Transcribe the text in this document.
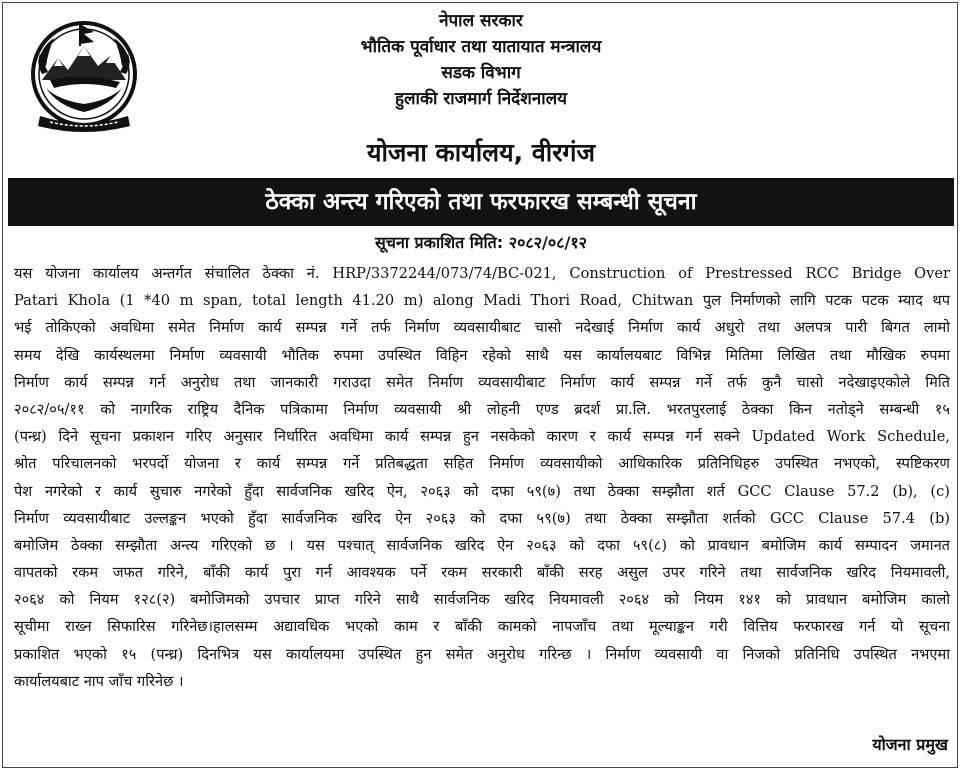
नेपाल सरकार
भौतिक पूर्वाधार तथा यातायात मन्त्रालय
सडक विभाग
हुलाकी राजमार्ग निर्देशनालय
योजना कार्यालय, वीरगंज
ठेक्का अन्त्य गरिएको तथा फरफारख सम्बन्धी सूचना
सूचना प्रकाशित मिति: २०८२/०८/१२
यस योजना कार्यालय अन्तर्गत संचालित ठेक्का नं. HRP/3372244/073/74/BC-021, Construction of Prestressed RCC Bridge Over
Patari Khola (1 *40 m span, total length 41.20 m) along Madi Thori Road, Chitwan पुल निर्माणको लागि पटक पटक म्याद थप
भई तोकिएको अवधिमा समेत निर्माण कार्य सम्पन्न गर्ने तर्फ निर्माण व्यवसायीबाट चासो नदेखाई निर्माण कार्य अधुरो तथा अलपत्र पारी बिगत लामो
समय देखि कार्यस्थलमा निर्माण व्यवसायी भौतिक रुपमा उपस्थित विहिन रहेको साथै यस कार्यालयबाट विभिन्न मितिमा लिखित तथा मौखिक रुपमा
निर्माण कार्य सम्पन्न गर्न अनुरोध तथा जानकारी गराउदा समेत निर्माण व्यवसायीबाट निर्माण कार्य सम्पन्न गर्ने तर्फ कुनै चासो नदेखाइएकोले मिति
२०८२/०५/११ को नागरिक राष्ट्रिय दैनिक पत्रिकामा निर्माण व्यवसायी श्री लोहनी एण्ड ब्रदर्श प्रा.लि. भरतपुरलाई ठेक्का किन नतोड्ने सम्बन्धी १५
(पन्ध्र) दिने सूचना प्रकाशन गरिए अनुसार निर्धारित अवधिमा कार्य सम्पन्न हुन नसकेको कारण र कार्य सम्पन्न गर्न सक्ने Updated Work Schedule,
श्रोत परिचालनको भरपर्दो योजना र कार्य सम्पन्न गर्ने प्रतिबद्धता सहित निर्माण व्यवसायीको आधिकारिक प्रतिनिधिहरु उपस्थित नभएको, स्पष्टिकरण
पेश नगरेको र कार्य सुचारु नगरेको हुँदा सार्वजनिक खरिद ऐन, २०६३ को दफा ५९(७) तथा ठेक्का सम्झौता शर्त GCC Clause 57.2 (b), (c)
निर्माण व्यवसायीबाट उल्लङ्कन भएको हुँदा सार्वजनिक खरिद ऐन २०६३ को दफा ५९(७) तथा ठेक्का सम्झौता शर्तको GCC Clause 57.4 (b)
बमोजिम ठेक्का सम्झौता अन्त्य गरिएको छ । यस पश्चात् सार्वजनिक खरिद ऐन २०६३ को दफा ५९(८) को प्रावधान बमोजिम कार्य सम्पादन जमानत
वापतको रकम जफत गरिने, बाँकी कार्य पुरा गर्न आवश्यक पर्ने रकम सरकारी बाँकी सरह असुल उपर गरिने तथा सार्वजनिक खरिद नियमावली,
२०६४ को नियम १२८(२) बमोजिमको उपचार प्राप्त गरिने साथै सार्वजनिक खरिद नियमावली २०६४ को नियम १४१ को प्रावधान बमोजिम कालो
सूचीमा राख्न सिफारिस गरिनेछ।हालसम्म अद्यावधिक भएको काम र बाँकी कामको नापजाँच तथा मूल्याङ्कन गरी वित्तिय फरफारख गर्न यो सूचना
प्रकाशित भएको १५ (पन्ध्र) दिनभित्र यस कार्यालयमा उपस्थित हुन समेत अनुरोध गरिन्छ । निर्माण व्यवसायी वा निजको प्रतिनिधि उपस्थित नभएमा
कार्यालयबाट नाप जाँच गरिनेछ ।
योजना प्रमुख
